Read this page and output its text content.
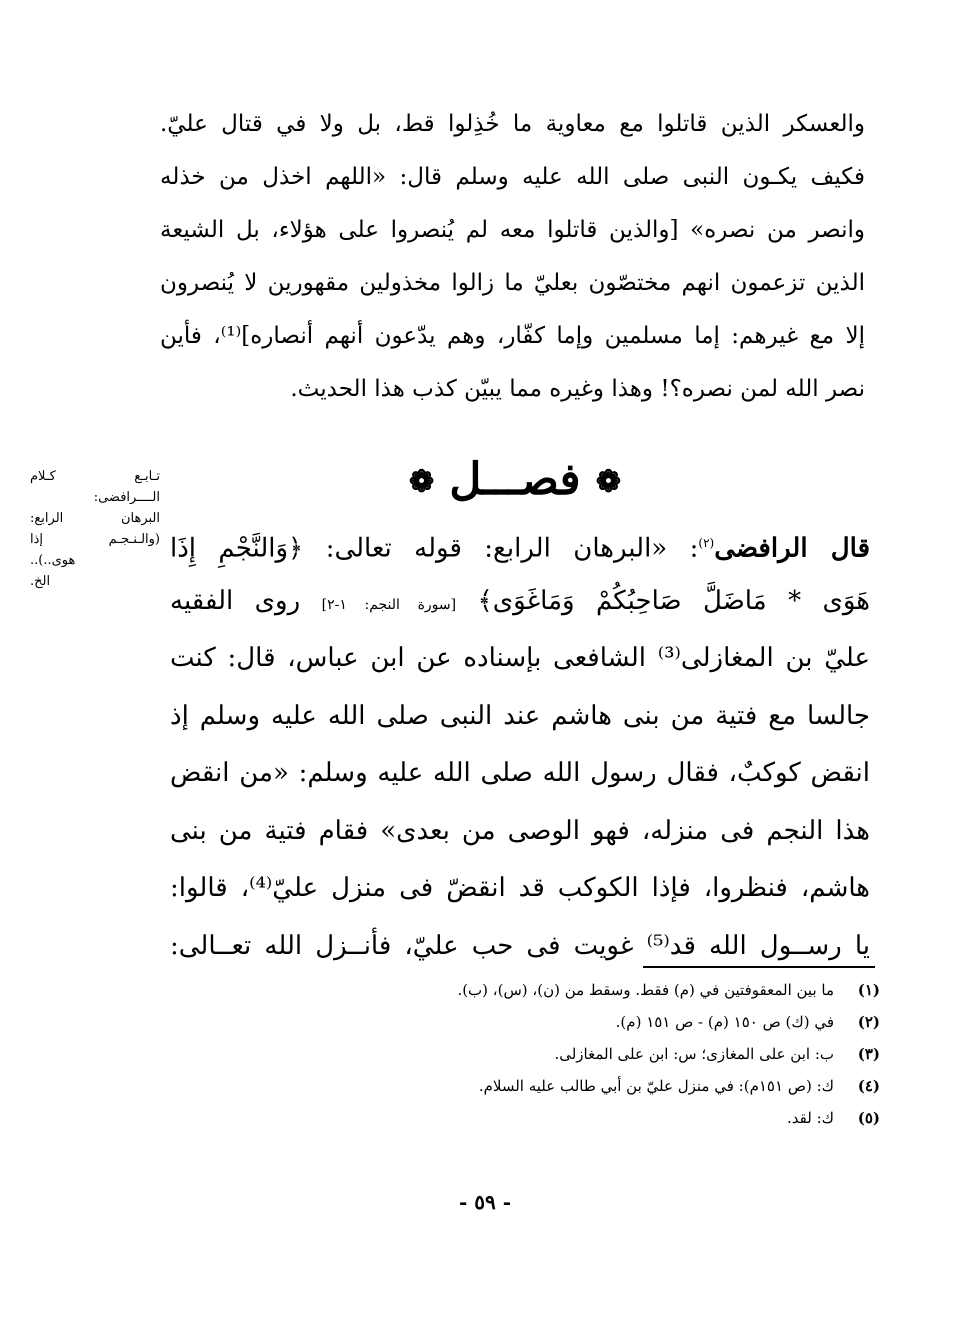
والعسكر الذين قاتلوا مع معاوية ما خُذِلوا قط، بل ولا في قتال عليّ.
فكيف يكـون النبى صلى الله عليه وسلم قال: «اللهم اخذل من خذله
وانصر من نصره» [والذين قاتلوا معه لم يُنصروا على هؤلاء، بل الشيعة
الذين تزعمون انهم مختصّون بعليّ ما زالوا مخذولين مقهورين لا يُنصرون
إلا مع غيرهم: إما مسلمين وإما كفّار، وهم يدّعون أنهم أنصاره]⁽¹⁾، فأين
نصر الله لمن نصره؟! وهذا وغيره مما يبيّن كذب هذا الحديث.
❁ فصـــل ❁
تـابـع كـلام
الــــرافضى:
البرهان الرابع:
(والـنـجـم إذا
هوى..)..
الخ.
قال الرافضى$^{(٢)}$: «البرهان الرابع: قوله تعالى: ﴿وَالنَّجْمِ إِذَا
هَوَى * مَاضَلَّ صَاحِبُكُمْ وَمَاغَوَى﴾ [سورة النجم: ١-٢] روى الفقيه
عليّ بن المغازلى⁽³⁾ الشافعى بإسناده عن ابن عباس، قال: كنت
جالسا مع فتية من بنى هاشم عند النبى صلى الله عليه وسلم إذ
انقض كوكبٌ، فقال رسول الله صلى الله عليه وسلم: «من انقض
هذا النجم فى منزله، فهو الوصى من بعدى» فقام فتية من بنى
هاشم، فنظروا، فإذا الكوكب قد انقضّ فى منزل عليّ⁽⁴⁾، قالوا:
يا رســول الله قد⁽⁵⁾ غويت فى حب عليّ، فأنــزل الله تعــالى:
(١)
ما بين المعقوفتين في (م) فقط. وسقط من (ن)، (س)، (ب).
(٢)
في (ك) ص ١٥٠ (م) - ص ١٥١ (م).
(٣)
ب: ابن على المغازى؛ س: ابن على المغازلى.
(٤)
ك: (ص ١٥١م): في منزل عليّ بن أبي طالب عليه السلام.
(٥)
ك: لقد.
- ٥٩ -
